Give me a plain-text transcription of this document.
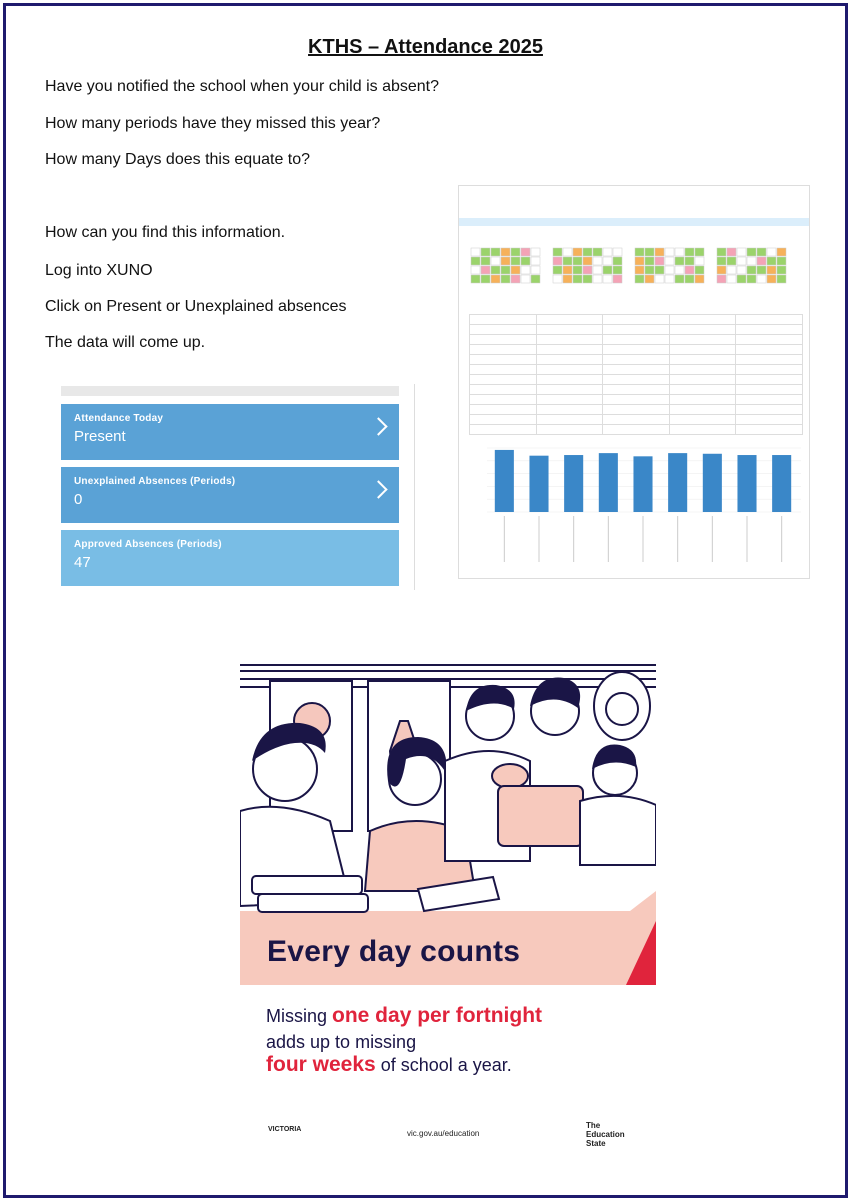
KTHS – Attendance 2025
Have you notified the school when your child is absent?
How many periods have they missed this year?
How many Days does this equate to?
How can you find this information.
Log into XUNO
Click on Present or Unexplained absences
The data will come up.
Attendance Today
Present
Unexplained Absences (Periods)
0
Approved Absences (Periods)
47

Every day counts
Missing one day per fortnight
adds up to missing
four weeks of school a year.
VICTORIA	vic.gov.au/education
The Education State
